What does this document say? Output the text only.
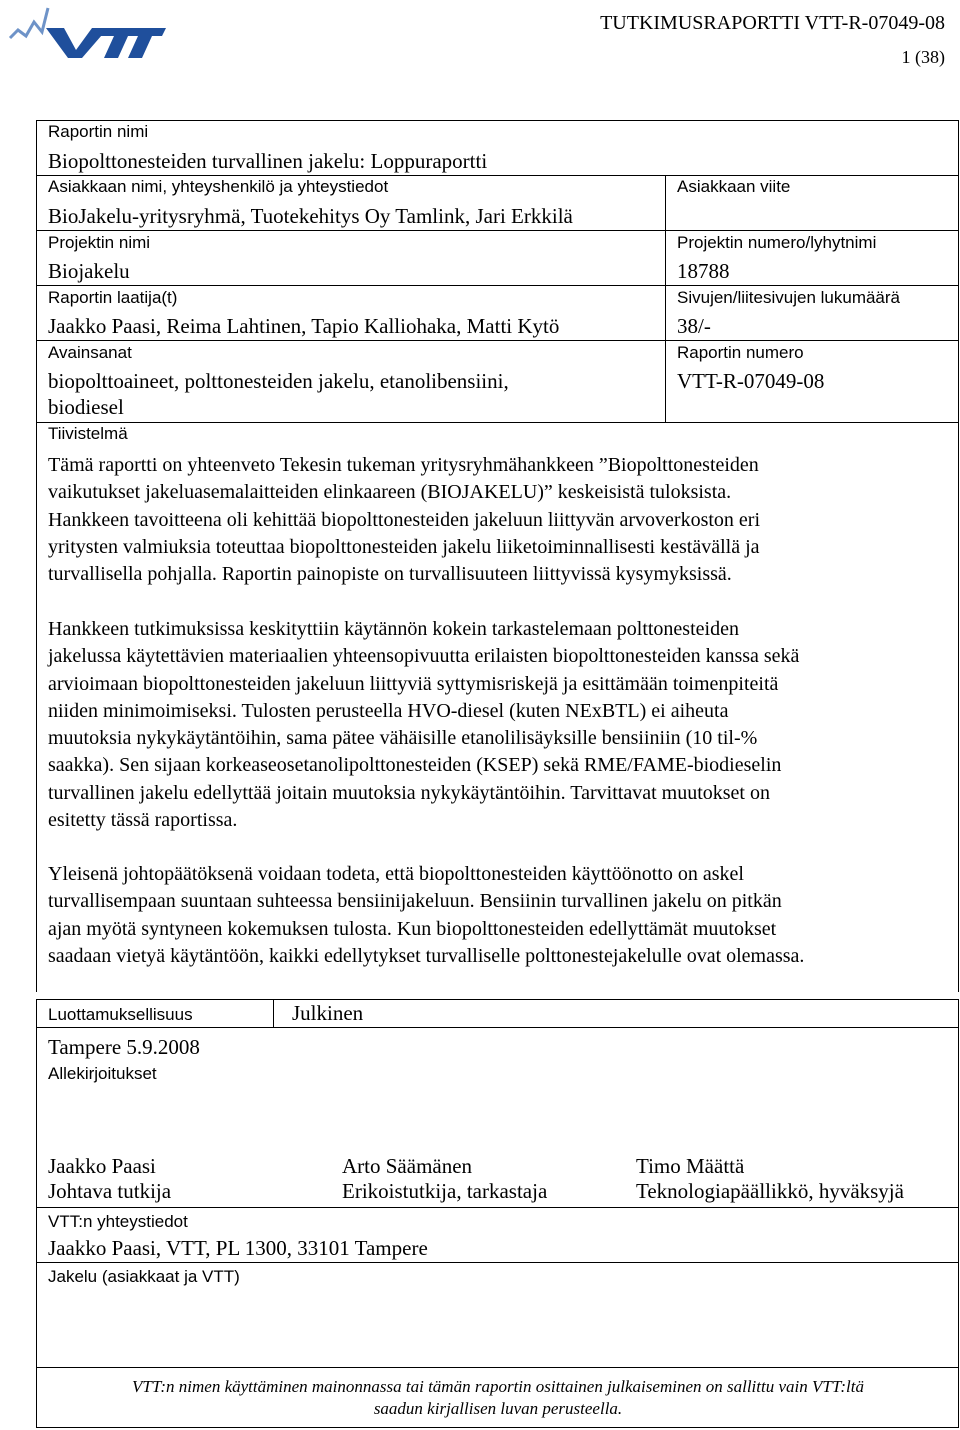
TUTKIMUSRAPORTTI VTT-R-07049-08
1 (38)
Raportin nimi
Biopolttonesteiden turvallinen jakelu: Loppuraportti
Asiakkaan nimi, yhteyshenkilö ja yhteystiedot
BioJakelu-yritysryhmä, Tuotekehitys Oy Tamlink, Jari Erkkilä
Asiakkaan viite
Projektin nimi
Biojakelu
Projektin numero/lyhytnimi
18788
Raportin laatija(t)
Jaakko Paasi, Reima Lahtinen, Tapio Kalliohaka, Matti Kytö
Sivujen/liitesivujen lukumäärä
38/-
Avainsanat
biopolttoaineet, polttonesteiden jakelu, etanolibensiini,
biodiesel
Raportin numero
VTT-R-07049-08
Tiivistelmä
Tämä raportti on yhteenveto Tekesin tukeman yritysryhmähankkeen ”Biopolttonesteiden
vaikutukset jakeluasemalaitteiden elinkaareen (BIOJAKELU)” keskeisistä tuloksista.
Hankkeen tavoitteena oli kehittää biopolttonesteiden jakeluun liittyvän arvoverkoston eri
yritysten valmiuksia toteuttaa biopolttonesteiden jakelu liiketoiminnallisesti kestävällä ja
turvallisella pohjalla. Raportin painopiste on turvallisuuteen liittyvissä kysymyksissä.
Hankkeen tutkimuksissa keskityttiin käytännön kokein tarkastelemaan polttonesteiden
jakelussa käytettävien materiaalien yhteensopivuutta erilaisten biopolttonesteiden kanssa sekä
arvioimaan biopolttonesteiden jakeluun liittyviä syttymisriskejä ja esittämään toimenpiteitä
niiden minimoimiseksi. Tulosten perusteella HVO-diesel (kuten NExBTL) ei aiheuta
muutoksia nykykäytäntöihin, sama pätee vähäisille etanolilisäyksille bensiiniin (10 til-%
saakka). Sen sijaan korkeaseosetanolipolttonesteiden (KSEP) sekä RME/FAME-biodieselin
turvallinen jakelu edellyttää joitain muutoksia nykykäytäntöihin. Tarvittavat muutokset on
esitetty tässä raportissa.
Yleisenä johtopäätöksenä voidaan todeta, että biopolttonesteiden käyttöönotto on askel
turvallisempaan suuntaan suhteessa bensiinijakeluun. Bensiinin turvallinen jakelu on pitkän
ajan myötä syntyneen kokemuksen tulosta. Kun biopolttonesteiden edellyttämät muutokset
saadaan vietyä käytäntöön, kaikki edellytykset turvalliselle polttonestejakelulle ovat olemassa.
Luottamuksellisuus	Julkinen
Tampere 5.9.2008
Allekirjoitukset
Jaakko Paasi
Johtava tutkija
Arto Säämänen
Erikoistutkija, tarkastaja
Timo Määttä
Teknologiapäällikkö, hyväksyjä
VTT:n yhteystiedot
Jaakko Paasi, VTT, PL 1300, 33101 Tampere
Jakelu (asiakkaat ja VTT)
VTT:n nimen käyttäminen mainonnassa tai tämän raportin osittainen julkaiseminen on sallittu vain VTT:ltä
saadun kirjallisen luvan perusteella.
